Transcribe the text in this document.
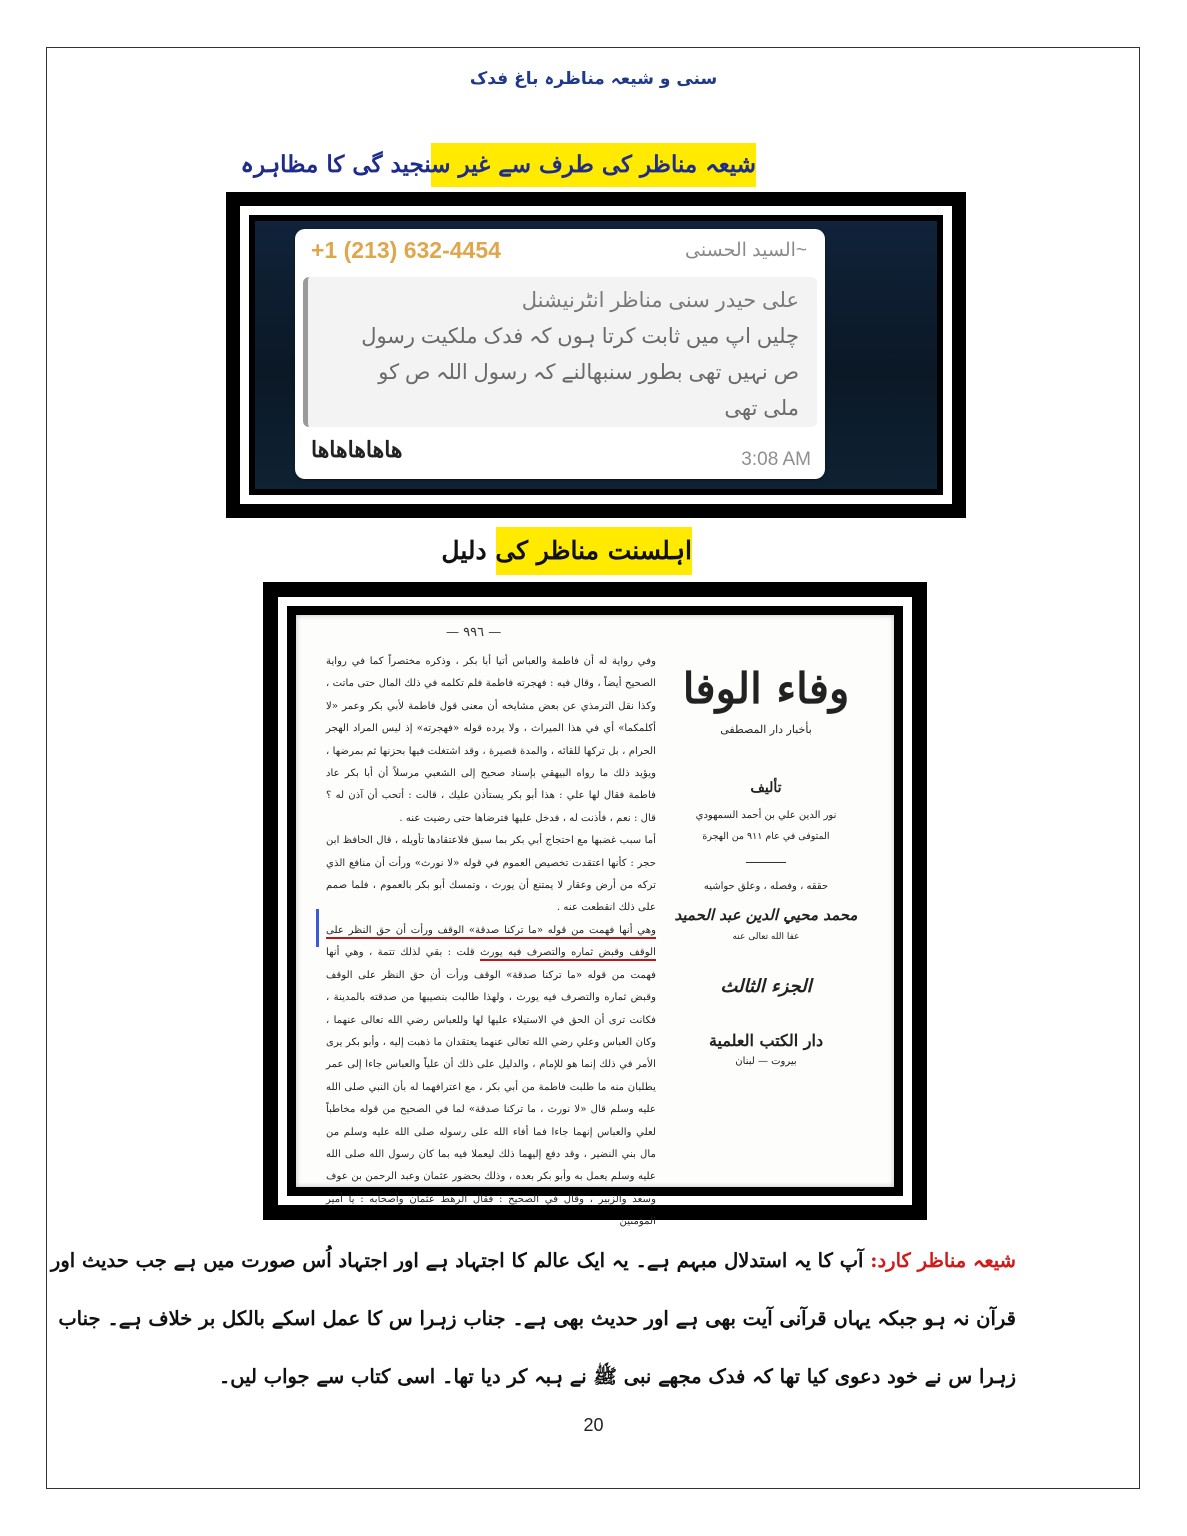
سنی و شیعہ مناظرہ باغ فدک
شیعہ مناظر کی طرف سے غیر سنجید گی کا مظاہرہ
+1 (213) 632-4454	~السید الحسنی
علی حیدر سنی مناظر انٹرنیشنل
چلیں اپ میں ثابت کرتا ہوں کہ فدک ملکیت رسول
ص نہیں تھی بطور سنبھالنے کہ رسول اللہ ص کو
ملی تھی
ھاھاھاھاھا	3:08 AM
اہلسنت مناظر کی دلیل
— ٩٩٦ —

وفي رواية له أن فاطمة والعباس أتيا أبا بكر ، وذكره مختصراً كما في رواية الصحيح أيضاً ، وقال فيه : فهجرته فاطمة فلم تكلمه في ذلك المال حتى ماتت ، وكذا نقل الترمذي عن بعض مشايخه أن معنى قول فاطمة لأبي بكر وعمر «لا أكلمكما» أي في هذا الميراث ، ولا يرده قوله «فهجرته» إذ ليس المراد الهجر الحرام ، بل تركها للقائه ، والمدة قصيرة ، وقد اشتغلت فيها بحزنها ثم بمرضها ، ويؤيد ذلك ما رواه البيهقي بإسناد صحيح إلى الشعبي مرسلاً أن أبا بكر عاد فاطمة فقال لها علي : هذا أبو بكر يستأذن عليك ، قالت : أتحب أن آذن له ؟ قال : نعم ، فأذنت له ، فدخل عليها فترضاها حتى رضيت عنه .

أما سبب غضبها مع احتجاج أبي بكر بما سبق فلاعتقادها تأويله ، قال الحافظ ابن حجر : كأنها اعتقدت تخصيص العموم في قوله «لا نورث» ورأت أن منافع الذي تركه من أرض وعقار لا يمتنع أن يورث ، وتمسك أبو بكر بالعموم ، فلما صمم على ذلك انقطعت عنه .

وهي أنها فهمت من قوله «ما تركنا صدقة» الوقف ورأت أن حق النظر على الوقف وقبض ثماره والتصرف فيه يورث قلت : بقي لذلك تتمة ، وهي أنها فهمت من قوله «ما تركنا صدقة» الوقف ورأت أن حق النظر على الوقف وقبض ثماره والتصرف فيه يورث ، ولهذا طالبت بنصيبها من صدقته بالمدينة ، فكانت ترى أن الحق في الاستيلاء عليها لها وللعباس رضي الله تعالى عنهما ، وكان العباس وعلي رضي الله تعالى عنهما يعتقدان ما ذهبت إليه ، وأبو بكر يرى الأمر في ذلك إنما هو للإمام ، والدليل على ذلك أن علياً والعباس جاءا إلى عمر يطلبان منه ما طلبت فاطمة من أبي بكر ، مع اعترافهما له بأن النبي صلى الله عليه وسلم قال «لا نورث ، ما تركنا صدقة» لما في الصحيح من قوله مخاطباً لعلي والعباس إنهما جاءا فما أفاء الله على رسوله صلى الله عليه وسلم من مال بني النضير ، وقد دفع إليهما ذلك ليعملا فيه بما كان رسول الله صلى الله عليه وسلم يعمل به وأبو بكر بعده ، وذلك بحضور عثمان وعبد الرحمن بن عوف وسعد والزبير ، وقال في الصحيح : فقال الرهط عثمان وأصحابه : يا أمير المؤمنين

وفاء الوفا
بأخبار دار المصطفى
تأليف
نور الدين علي بن أحمد السمهودي
المتوفى في عام ٩١١ من الهجرة
حققه ، وفصله ، وعلق حواشيه
محمد محيي الدين عبد الحميد
عفا الله تعالى عنه
الجزء الثالث
دار الكتب العلمية
بيروت — لبنان
شیعہ مناظر کارد: آپ کا یہ استدلال مبہم ہے۔ یہ ایک عالم کا اجتہاد ہے اور اجتہاد اُس صورت میں ہے جب حدیث اور
قرآن نہ ہو جبکہ یہاں قرآنی آیت بھی ہے اور حدیث بھی ہے۔ جناب زہرا س کا عمل اسکے بالکل بر خلاف ہے۔ جناب
زہرا س نے خود دعوی کیا تھا کہ فدک مجھے نبی ﷺ نے ہبہ کر دیا تھا۔ اسی کتاب سے جواب لیں۔
20
